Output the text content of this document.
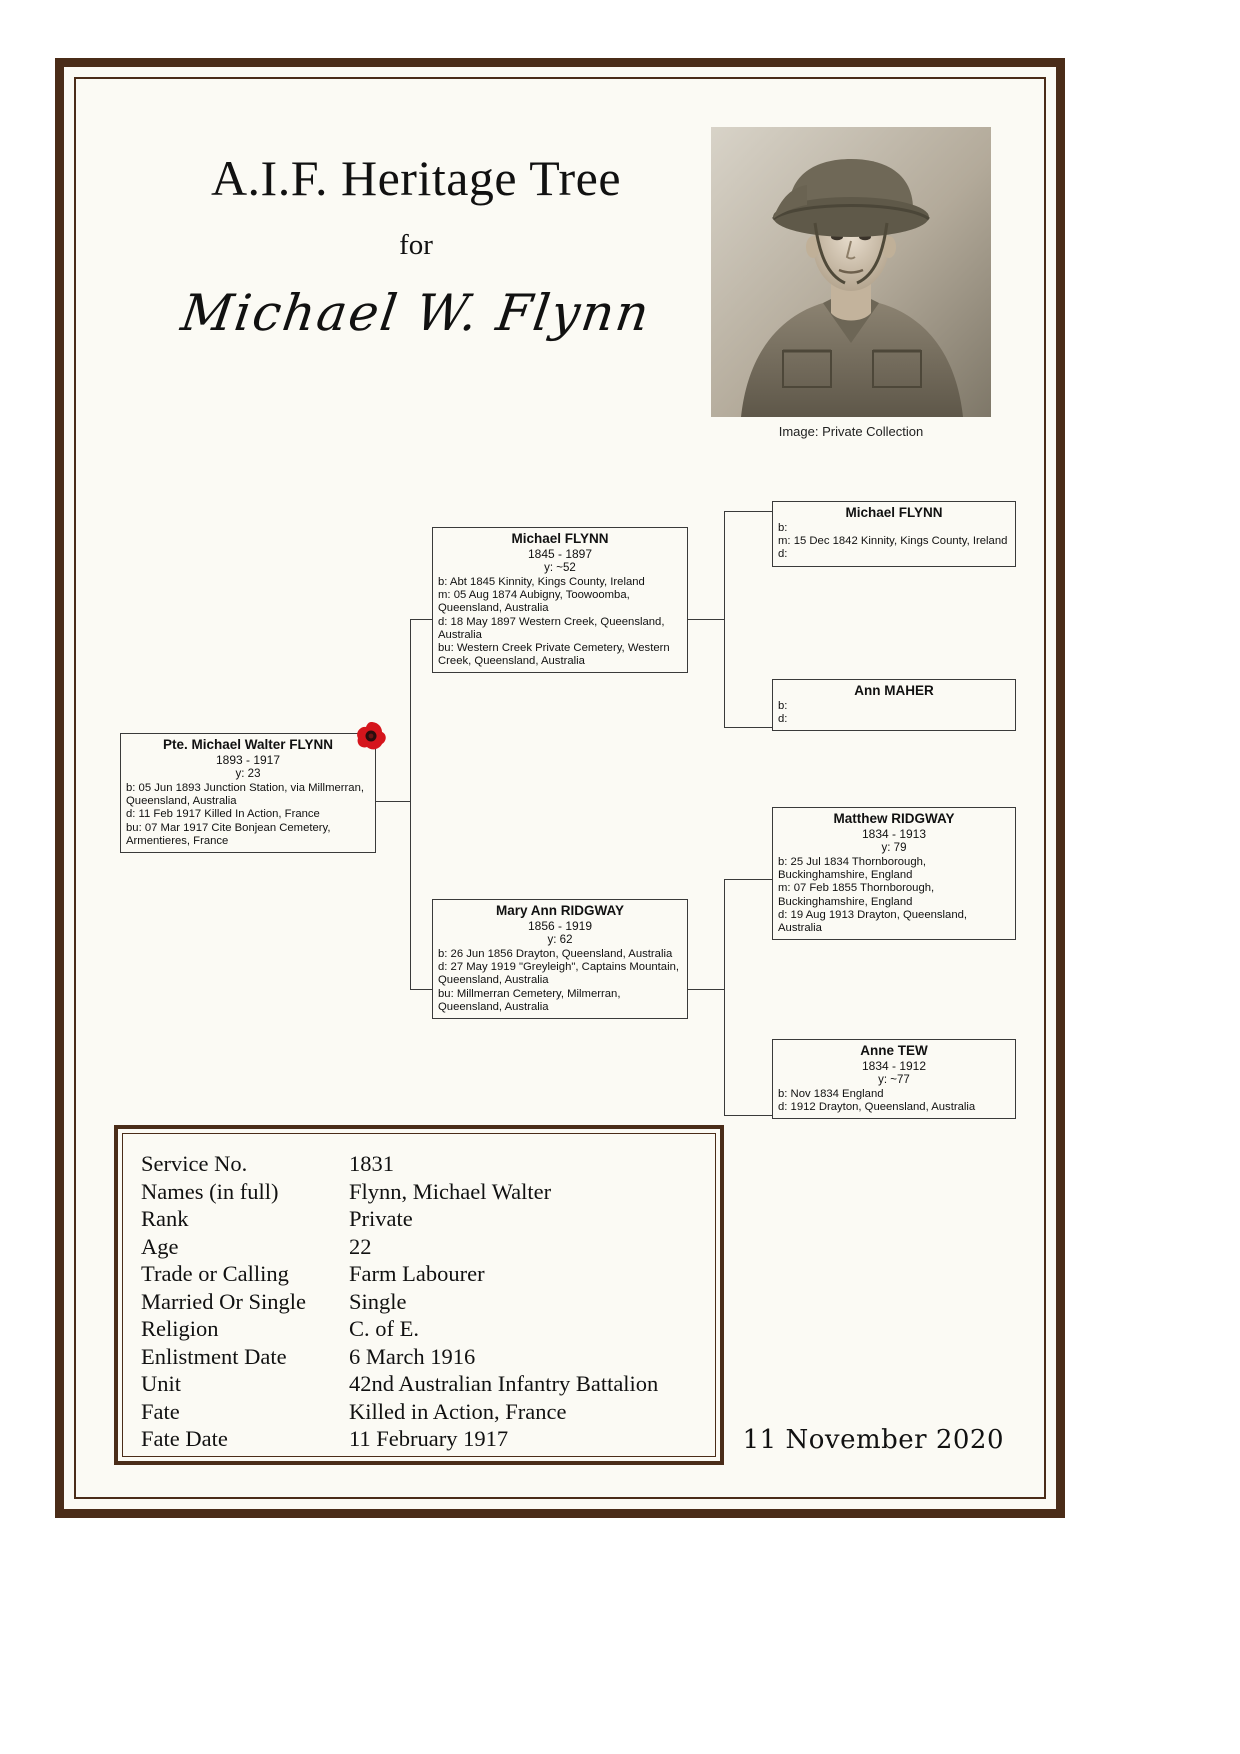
A.I.F. Heritage Tree
for
Michael W. Flynn
Image: Private Collection
Pte. Michael Walter FLYNN
1893 - 1917
y: 23
b: 05 Jun 1893 Junction Station, via Millmerran, Queensland, Australia
d: 11 Feb 1917 Killed In Action, France
bu: 07 Mar 1917 Cite Bonjean Cemetery, Armentieres, France
Michael FLYNN
1845 - 1897
y: ~52
b: Abt 1845 Kinnity, Kings County, Ireland
m: 05 Aug 1874 Aubigny, Toowoomba, Queensland, Australia
d: 18 May 1897 Western Creek, Queensland, Australia
bu: Western Creek Private Cemetery, Western Creek, Queensland, Australia
Mary Ann RIDGWAY
1856 - 1919
y: 62
b: 26 Jun 1856 Drayton, Queensland, Australia
d: 27 May 1919 "Greyleigh", Captains Mountain, Queensland, Australia
bu: Millmerran Cemetery, Milmerran, Queensland, Australia
Michael FLYNN
b:
m: 15 Dec 1842 Kinnity, Kings County, Ireland
d:
Ann MAHER
b:
d:
Matthew RIDGWAY
1834 - 1913
y: 79
b: 25 Jul 1834 Thornborough, Buckinghamshire, England
m: 07 Feb 1855 Thornborough, Buckinghamshire, England
d: 19 Aug 1913 Drayton, Queensland, Australia
Anne TEW
1834 - 1912
y: ~77
b: Nov 1834 England
d: 1912 Drayton, Queensland, Australia
Service No.	1831
Names (in full)	Flynn, Michael Walter
Rank	Private
Age	22
Trade or Calling	Farm Labourer
Married Or Single	Single
Religion	C. of E.
Enlistment Date	6 March 1916
Unit	42nd Australian Infantry Battalion
Fate	Killed in Action, France
Fate Date	11 February 1917	11 November 2020
